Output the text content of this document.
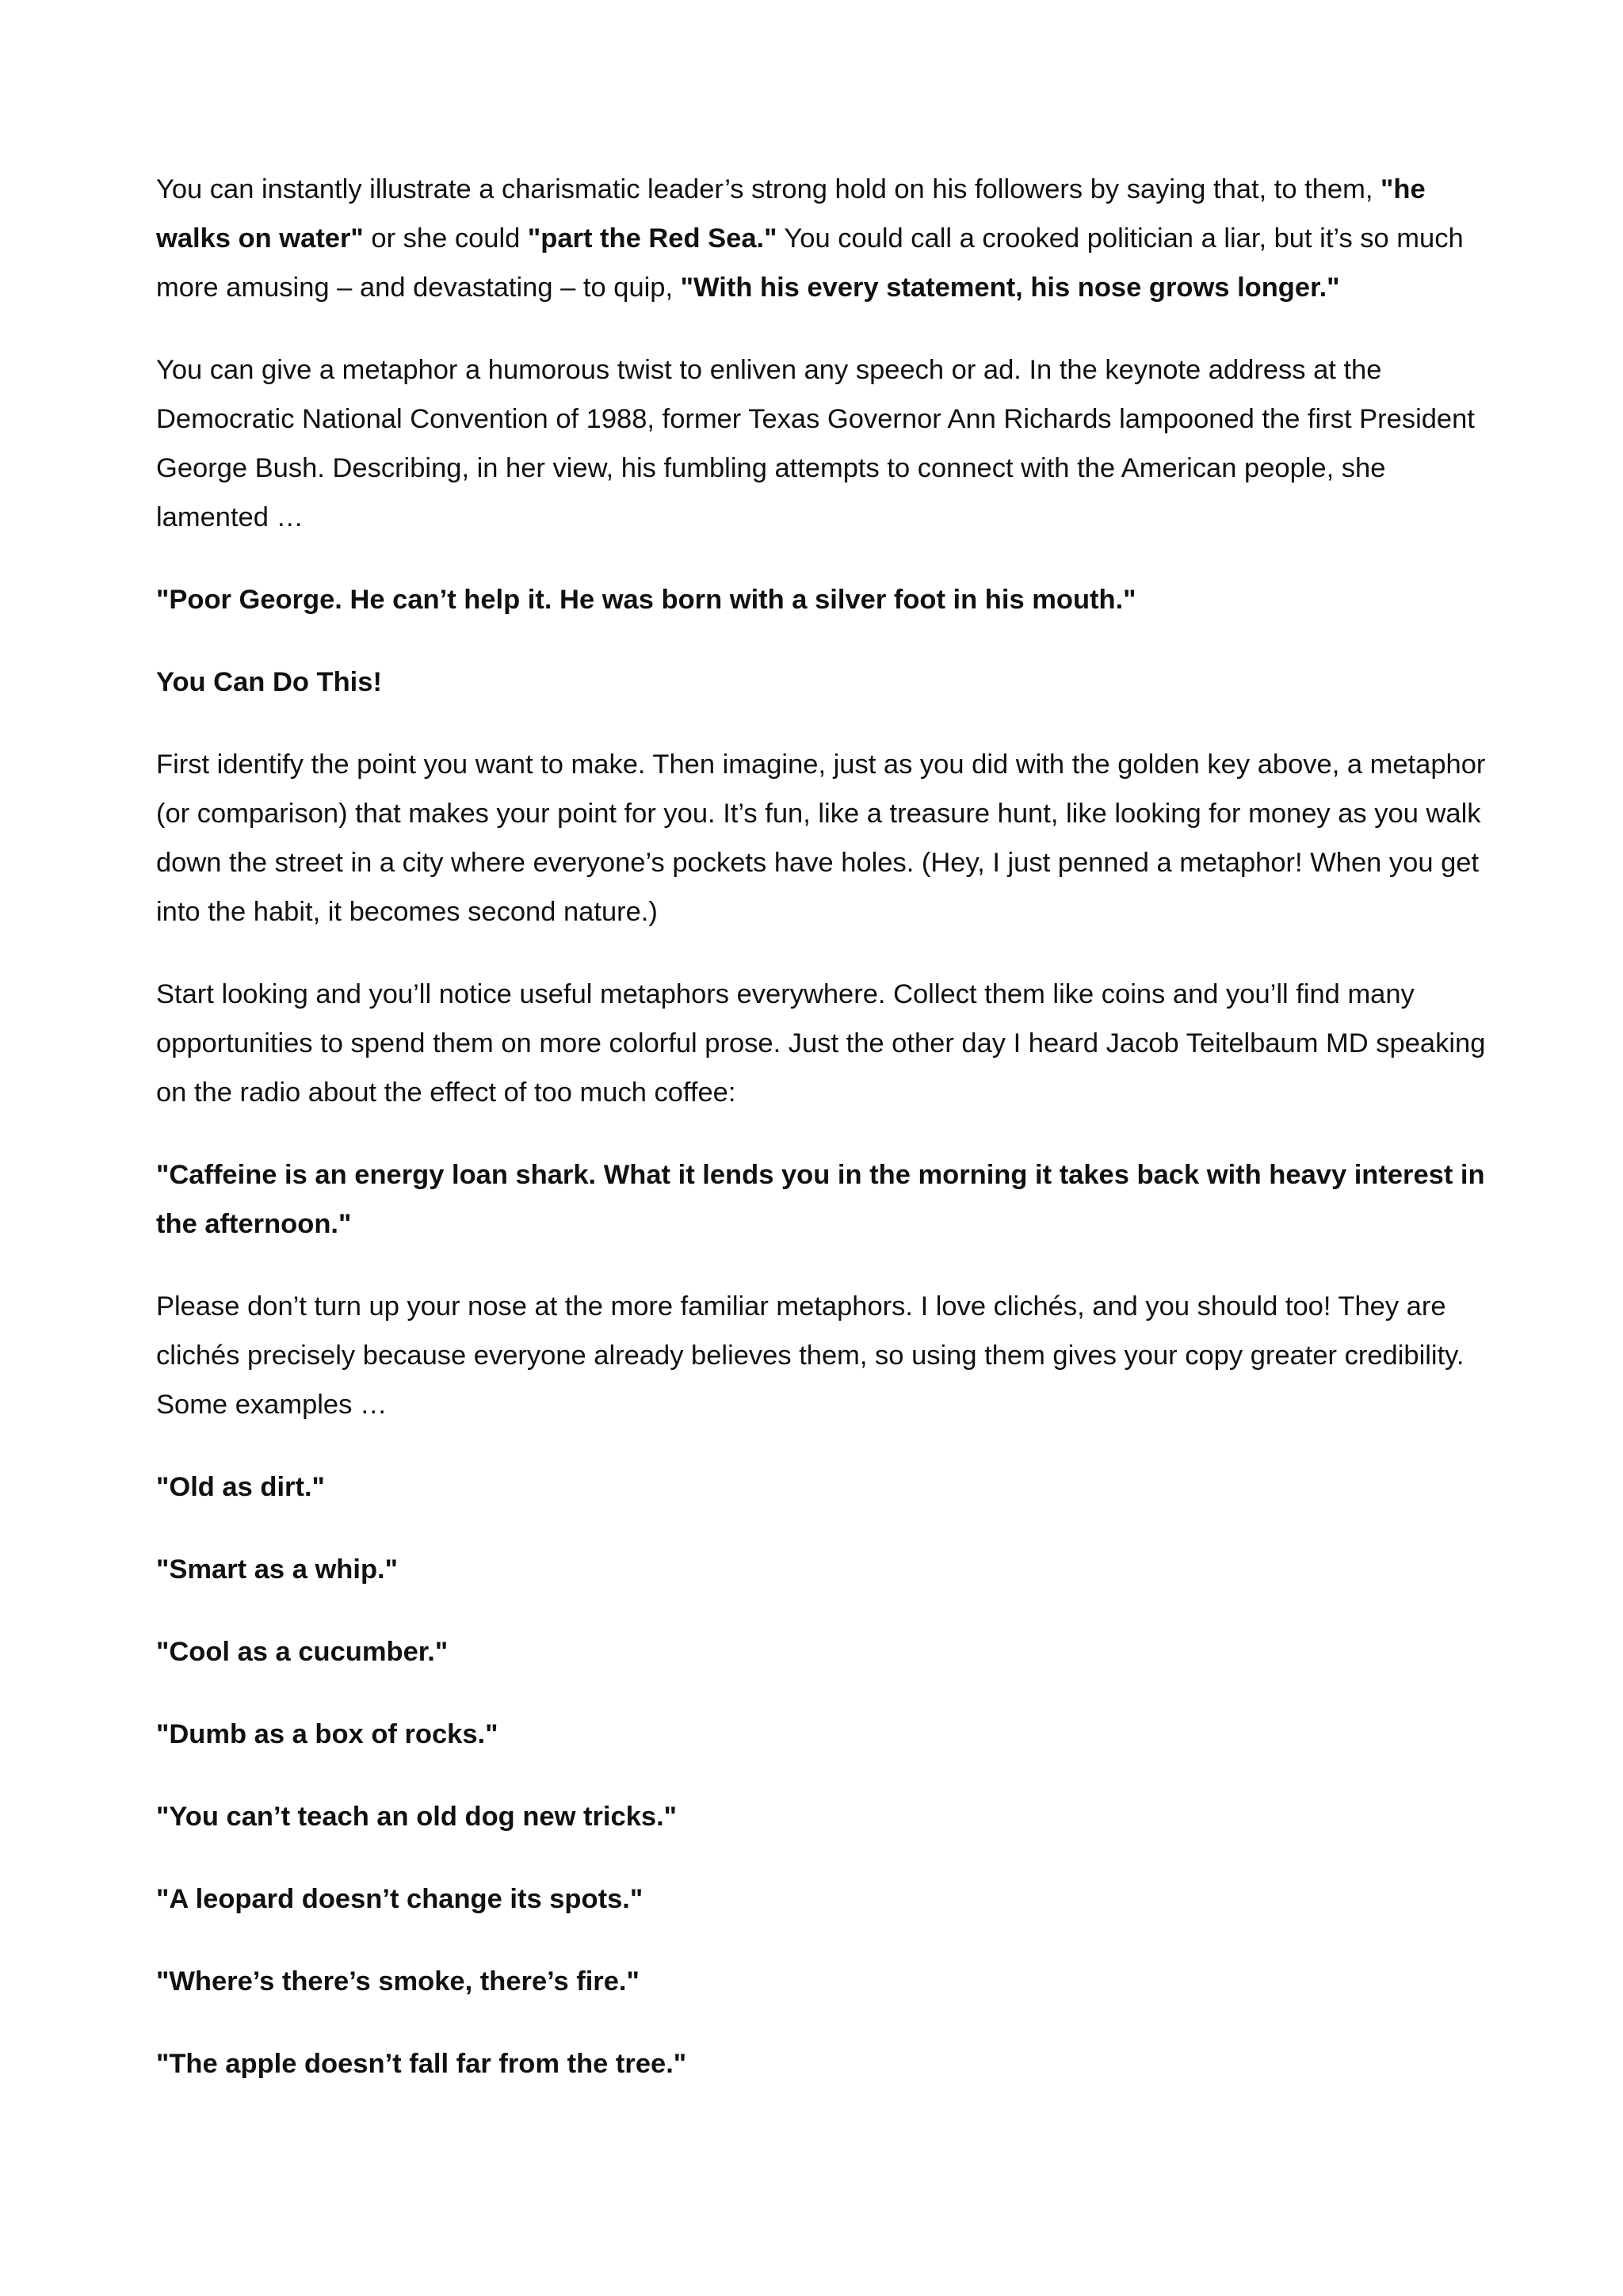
You can instantly illustrate a charismatic leader’s strong hold on his followers by saying that, to them, "he walks on water" or she could "part the Red Sea." You could call a crooked politician a liar, but it’s so much more amusing – and devastating – to quip, "With his every statement, his nose grows longer."

You can give a metaphor a humorous twist to enliven any speech or ad. In the keynote address at the Democratic National Convention of 1988, former Texas Governor Ann Richards lampooned the first President George Bush. Describing, in her view, his fumbling attempts to connect with the American people, she lamented …

"Poor George. He can’t help it. He was born with a silver foot in his mouth."

You Can Do This!

First identify the point you want to make. Then imagine, just as you did with the golden key above, a metaphor (or comparison) that makes your point for you. It’s fun, like a treasure hunt, like looking for money as you walk down the street in a city where everyone’s pockets have holes. (Hey, I just penned a metaphor! When you get into the habit, it becomes second nature.)

Start looking and you’ll notice useful metaphors everywhere. Collect them like coins and you’ll find many opportunities to spend them on more colorful prose. Just the other day I heard Jacob Teitelbaum MD speaking on the radio about the effect of too much coffee:

"Caffeine is an energy loan shark. What it lends you in the morning it takes back with heavy interest in the afternoon."

Please don’t turn up your nose at the more familiar metaphors. I love clichés, and you should too! They are clichés precisely because everyone already believes them, so using them gives your copy greater credibility. Some examples …

"Old as dirt."

"Smart as a whip."

"Cool as a cucumber."

"Dumb as a box of rocks."

"You can’t teach an old dog new tricks."

"A leopard doesn’t change its spots."

"Where’s there’s smoke, there’s fire."

"The apple doesn’t fall far from the tree."
